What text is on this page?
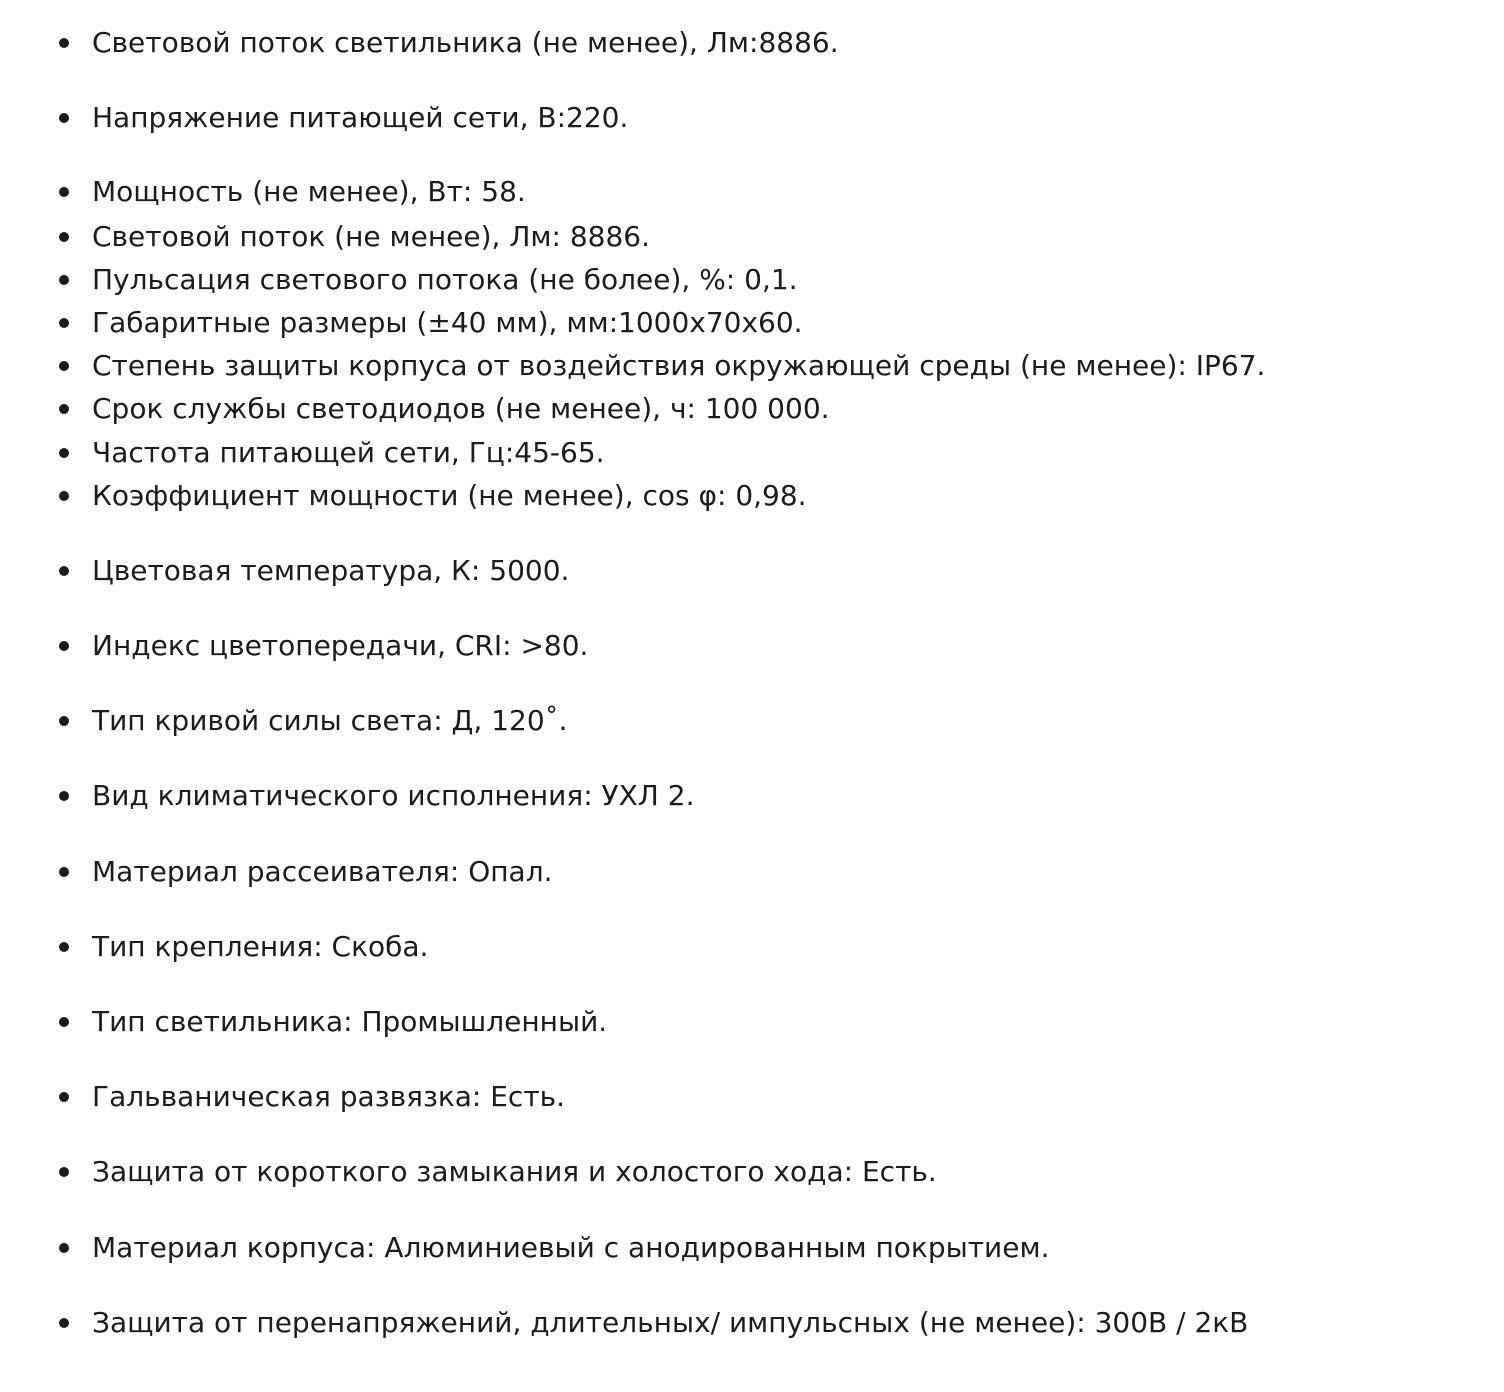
Световой поток светильника (не менее), Лм:8886.
Напряжение питающей сети, В:220.
Мощность (не менее), Вт: 58.
Световой поток (не менее), Лм: 8886.
Пульсация светового потока (не более), %: 0,1.
Габаритные размеры (±40 мм), мм:1000x70x60.
Степень защиты корпуса от воздействия окружающей среды (не менее): IP67.
Срок службы светодиодов (не менее), ч: 100 000.
Частота питающей сети, Гц:45-65.
Коэффициент мощности (не менее), cos φ: 0,98.
Цветовая температура, К: 5000.
Индекс цветопередачи, CRI: >80.
Тип кривой силы света: Д, 120˚.
Вид климатического исполнения: УХЛ 2.
Материал рассеивателя: Опал.
Тип крепления: Скоба.
Тип светильника: Промышленный.
Гальваническая развязка: Есть.
Защита от короткого замыкания и холостого хода: Есть.
Материал корпуса: Алюминиевый с анодированным покрытием.
Защита от перенапряжений, длительных/ импульсных (не менее): 300В / 2кВ
